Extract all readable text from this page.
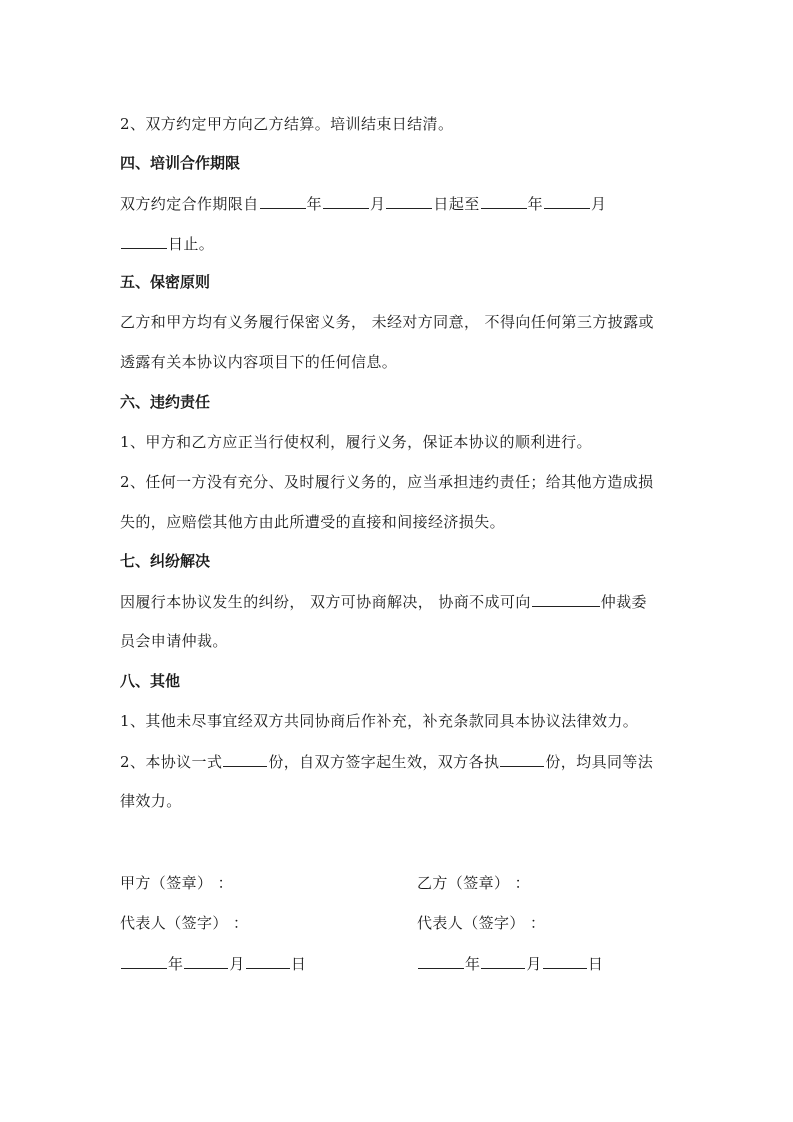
2、双方约定甲方向乙方结算。培训结束日结清。
四、培训合作期限
双方约定合作期限自	年	月	日起至	年	月
日止。
五、保密原则
乙方和甲方均有义务履行保密义务， 未经对方同意， 不得向任何第三方披露或
透露有关本协议内容项目下的任何信息。
六、违约责任
1、甲方和乙方应正当行使权利，履行义务，保证本协议的顺利进行。
2、任何一方没有充分、及时履行义务的，应当承担违约责任；给其他方造成损
失的，应赔偿其他方由此所遭受的直接和间接经济损失。
七、纠纷解决
因履行本协议发生的纠纷， 双方可协商解决， 协商不成可向	仲裁委
员会申请仲裁。
八、其他
1、其他未尽事宜经双方共同协商后作补充，补充条款同具本协议法律效力。
2、本协议一式	份，自双方签字起生效，双方各执	份，均具同等法
律效力。
甲方（签章） ：	乙方（签章） ：
代表人（签字） ：	代表人（签字） ：
年	月	日	年	月	日
